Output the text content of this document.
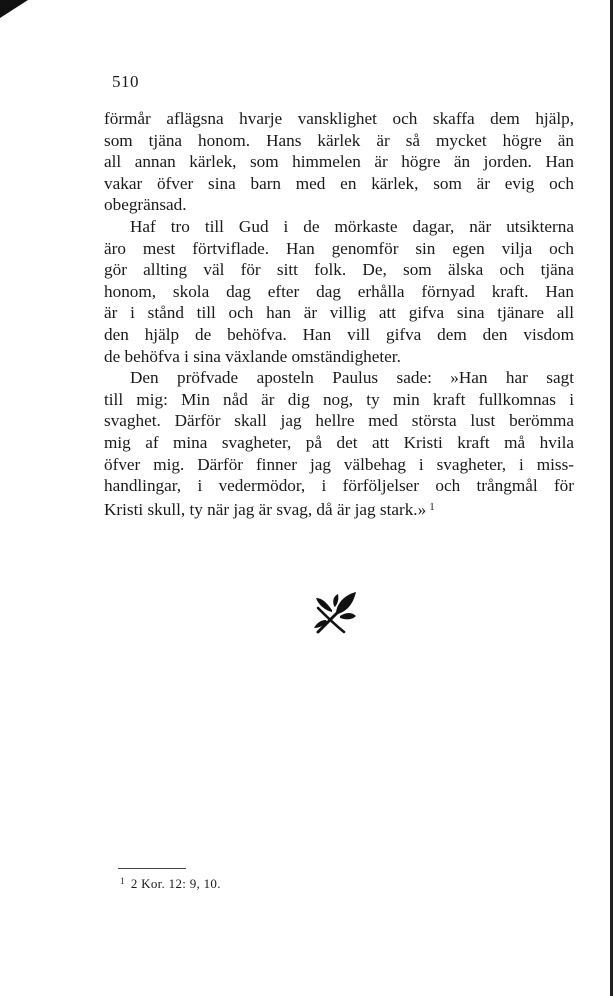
510
förmår aflägsna hvarje vansklighet och skaffa dem hjälp,
som tjäna honom. Hans kärlek är så mycket högre än
all annan kärlek, som himmelen är högre än jorden. Han
vakar öfver sina barn med en kärlek, som är evig och
obegränsad.
Haf tro till Gud i de mörkaste dagar, när utsikterna
äro mest förtviflade. Han genomför sin egen vilja och
gör allting väl för sitt folk. De, som älska och tjäna
honom, skola dag efter dag erhålla förnyad kraft. Han
är i stånd till och han är villig att gifva sina tjänare all
den hjälp de behöfva. Han vill gifva dem den visdom
de behöfva i sina växlande omständigheter.
Den pröfvade aposteln Paulus sade: »Han har sagt
till mig: Min nåd är dig nog, ty min kraft fullkomnas i
svaghet. Därför skall jag hellre med största lust berömma
mig af mina svagheter, på det att Kristi kraft må hvila
öfver mig. Därför finner jag välbehag i svagheter, i miss-
handlingar, i vedermödor, i förföljelser och trångmål för
Kristi skull, ty när jag är svag, då är jag stark.» $^1$
$^1$ 2 Kor. 12: 9, 10.
